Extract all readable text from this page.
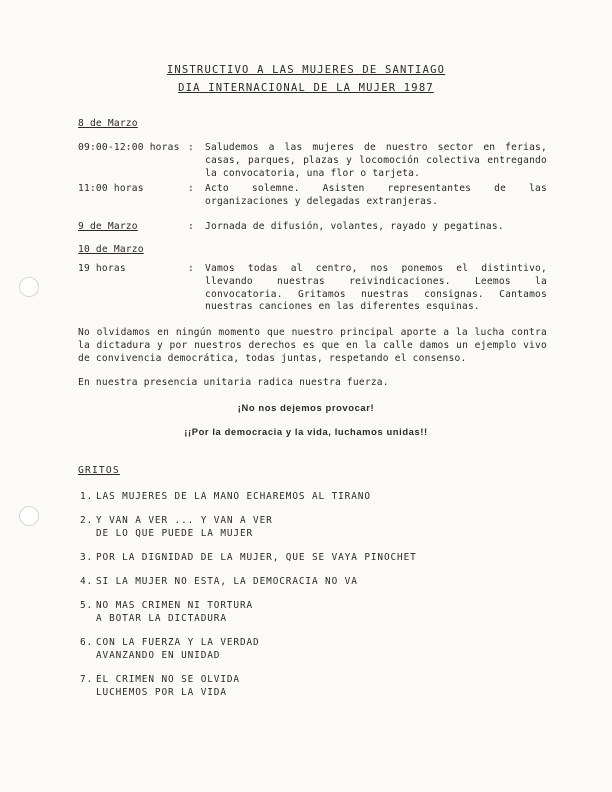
INSTRUCTIVO A LAS MUJERES DE SANTIAGO
DIA INTERNACIONAL DE LA MUJER 1987
8 de Marzo
09:00-12:00 horas : Saludemos a las mujeres de nuestro sector en ferias, casas, parques, plazas y locomoción colectiva entregando la convocatoria, una flor o tarjeta.
11:00 horas	: Acto solemne. Asisten representantes de las organizaciones y delegadas extranjeras.
9 de Marzo	: Jornada de difusión, volantes, rayado y pegatinas.
10 de Marzo
19 horas	: Vamos todas al centro, nos ponemos el distintivo, llevando nuestras reivindicaciones. Leemos la convocatoria. Gritamos nuestras consignas. Cantamos nuestras canciones en las diferentes esquinas.
No olvidamos en ningún momento que nuestro principal aporte a la lucha contra la dictadura y por nuestros derechos es que en la calle damos un ejemplo vivo de convivencia democrática, todas juntas, respetando el consenso.
En nuestra presencia unitaria radica nuestra fuerza.
¡No nos dejemos provocar!
¡¡Por la democracia y la vida, luchamos unidas!!
GRITOS
1. LAS MUJERES DE LA MANO ECHAREMOS AL TIRANO
2. Y VAN A VER ... Y VAN A VER
DE LO QUE PUEDE LA MUJER
3. POR LA DIGNIDAD DE LA MUJER, QUE SE VAYA PINOCHET
4. SI LA MUJER NO ESTA, LA DEMOCRACIA NO VA
5. NO MAS CRIMEN NI TORTURA
A BOTAR LA DICTADURA
6. CON LA FUERZA Y LA VERDAD
AVANZANDO EN UNIDAD
7. EL CRIMEN NO SE OLVIDA
LUCHEMOS POR LA VIDA
